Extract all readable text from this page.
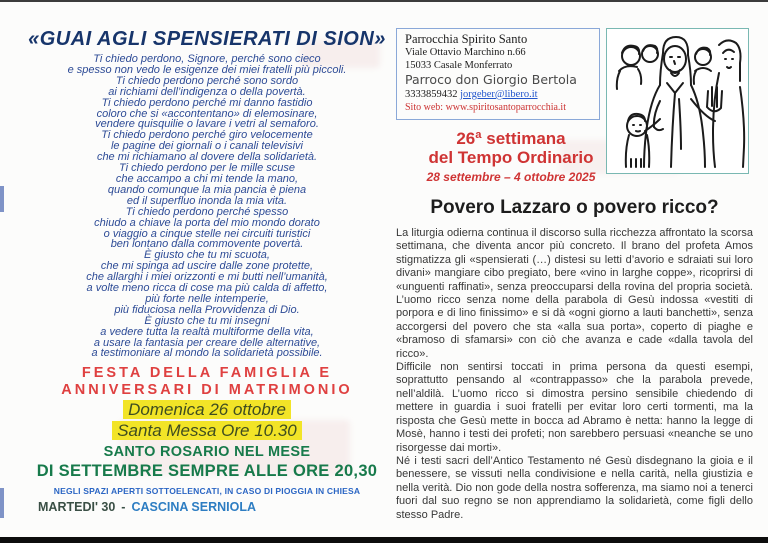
«GUAI AGLI SPENSIERATI DI SION»
Ti chiedo perdono, Signore, perché sono cieco
e spesso non vedo le esigenze dei miei fratelli più piccoli.
Ti chiedo perdono perché sono sordo
ai richiami dell’indigenza o della povertà.
Ti chiedo perdono perché mi danno fastidio
coloro che si «accontentano» di elemosinare,
vendere quisquilie o lavare i vetri al semaforo.
Ti chiedo perdono perché giro velocemente
le pagine dei giornali o i canali televisivi
che mi richiamano al dovere della solidarietà.
Ti chiedo perdono per le mille scuse
che accampo a chi mi tende la mano,
quando comunque la mia pancia è piena
ed il superfluo inonda la mia vita.
Ti chiedo perdono perché spesso
chiudo a chiave la porta del mio mondo dorato
o viaggio a cinque stelle nei circuiti turistici
ben lontano dalla commovente povertà.
È giusto che tu mi scuota,
che mi spinga ad uscire dalle zone protette,
che allarghi i miei orizzonti e mi butti nell’umanità,
a volte meno ricca di cose ma più calda di affetto,
più forte nelle intemperie,
più fiduciosa nella Provvidenza di Dio.
È giusto che tu mi insegni
a vedere tutta la realtà multiforme della vita,
a usare la fantasia per creare delle alternative,
a testimoniare al mondo la solidarietà possibile.
FESTA DELLA FAMIGLIA E
ANNIVERSARI DI MATRIMONIO
Domenica 26 ottobre
Santa Messa Ore 10.30
SANTO ROSARIO NEL MESE
DI SETTEMBRE SEMPRE ALLE ORE 20,30
NEGLI SPAZI APERTI SOTTOELENCATI, IN CASO DI PIOGGIA IN CHIESA
MARTEDI' 30 - CASCINA SERNIOLA
Parrocchia Spirito Santo
Viale Ottavio Marchino n.66
15033 Casale Monferrato
Parroco don Giorgio Bertola
3333859432 jorgeber@libero.it
Sito web: www.spiritosantoparrocchia.it
26ª settimana
del Tempo Ordinario
28 settembre – 4 ottobre 2025
Povero Lazzaro o povero ricco?
La liturgia odierna continua il discorso sulla ricchezza affrontato la scorsa settimana, che diventa ancor più concreto. Il brano del profeta Amos stigmatizza gli «spensierati (…) distesi su letti d’avorio e sdraiati sui loro divani» mangiare cibo pregiato, bere «vino in larghe coppe», ricoprirsi di «unguenti raffinati», senza preoccuparsi della rovina del propria società. L’uomo ricco senza nome della parabola di Gesù indossa «vestiti di porpora e di lino finissimo» e si dà «ogni giorno a lauti banchetti», senza accorgersi del povero che sta «alla sua porta», coperto di piaghe e «bramoso di sfamarsi» con ciò che avanza e cade «dalla tavola del ricco».
Difficile non sentirsi toccati in prima persona da questi esempi, soprattutto pensando al «contrappasso» che la parabola prevede, nell’aldilà. L’uomo ricco si dimostra persino sensibile chiedendo di mettere in guardia i suoi fratelli per evitar loro certi tormenti, ma la risposta che Gesù mette in bocca ad Abramo è netta: hanno la legge di Mosè, hanno i testi dei profeti; non sarebbero persuasi «neanche se uno risorgesse dai morti».
Né i testi sacri dell’Antico Testamento né Gesù disdegnano la gioia e il benessere, se vissuti nella condivisione e nella carità, nella giustizia e nella verità. Dio non gode della nostra sofferenza, ma siamo noi a tenerci fuori dal suo regno se non apprendiamo la solidarietà, come figli dello stesso Padre.
